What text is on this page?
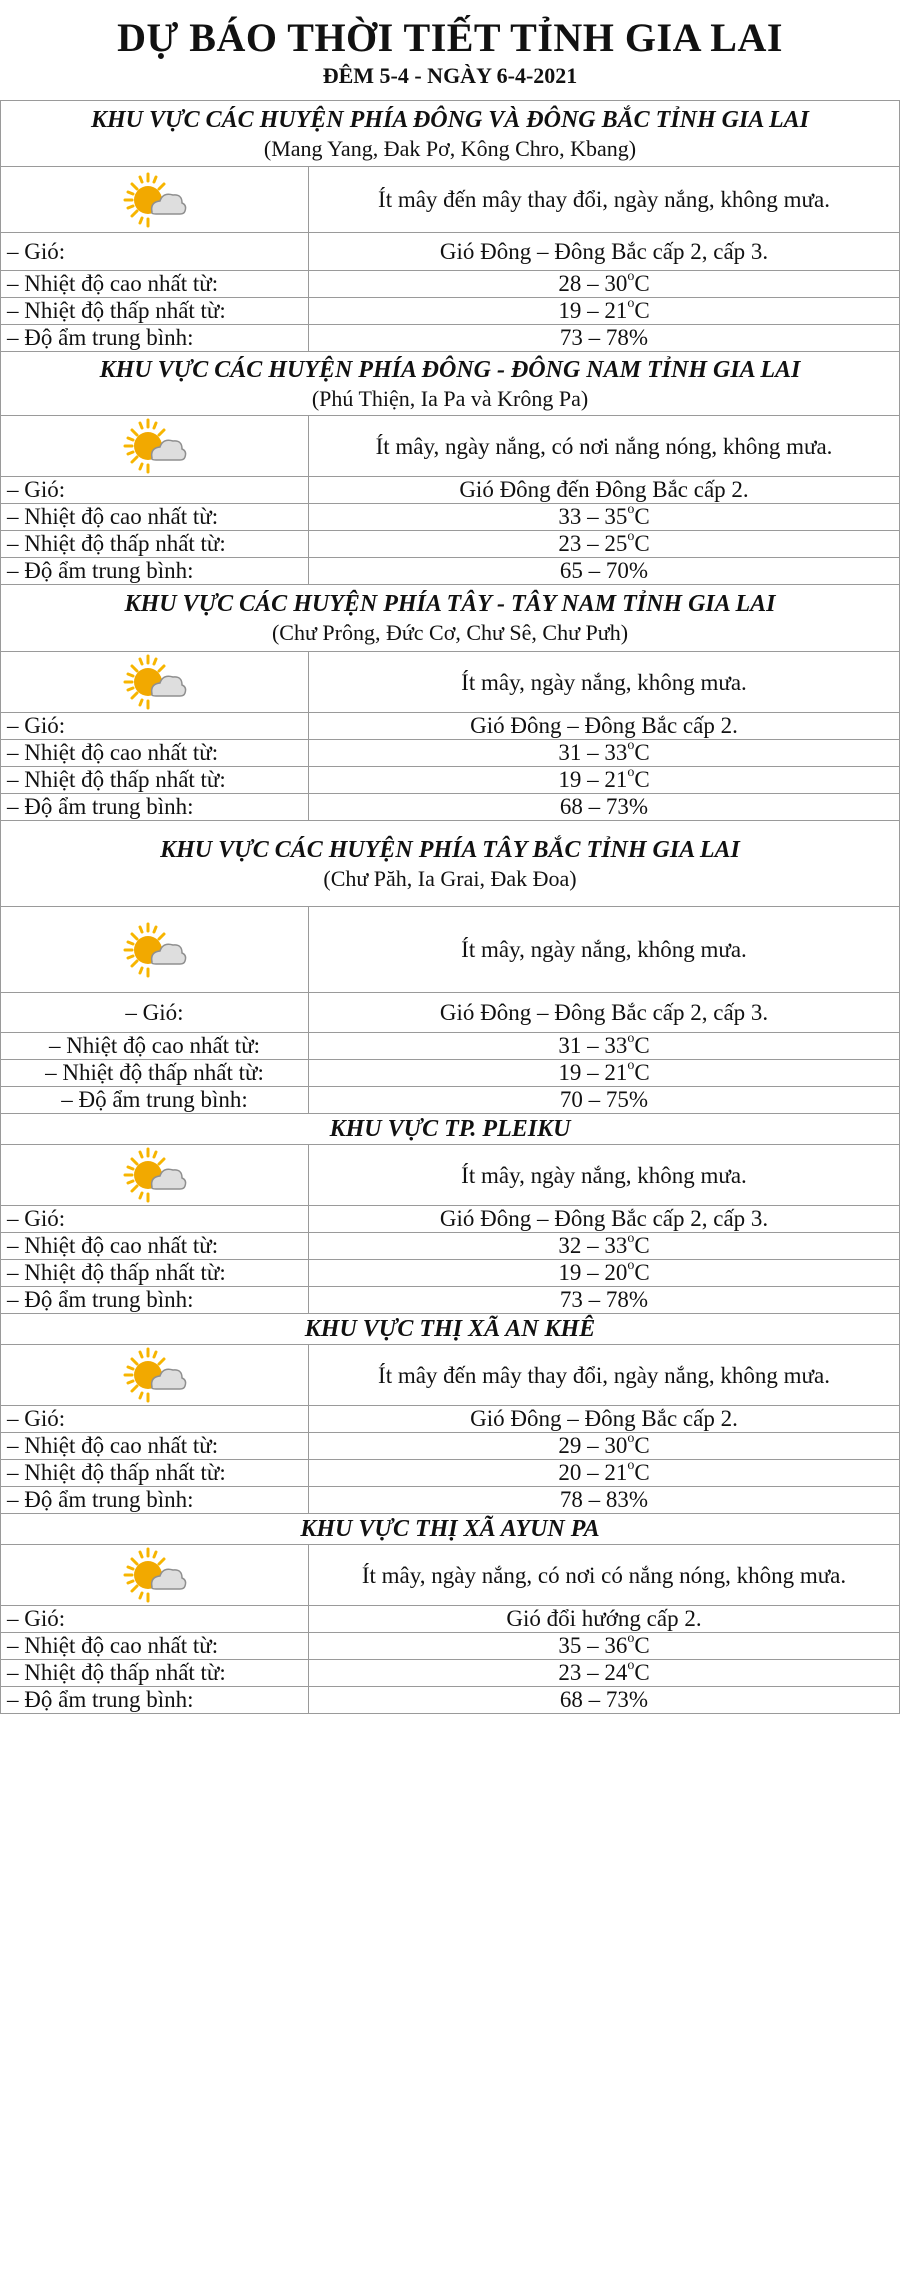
DỰ BÁO THỜI TIẾT TỈNH GIA LAI
ĐÊM 5-4 - NGÀY 6-4-2021
KHU VỰC CÁC HUYỆN PHÍA ĐÔNG VÀ ĐÔNG BẮC TỈNH GIA LAI
(Mang Yang, Đak Pơ, Kông Chro, Kbang)	

	Ít mây đến mây thay đổi, ngày nắng, không mưa.
– Gió:	Gió Đông – Đông Bắc cấp 2, cấp 3.
– Nhiệt độ cao nhất từ:	28 – 30$^o$C
– Nhiệt độ thấp nhất từ:	19 – 21$^o$C
– Độ ẩm trung bình:	73 – 78%

KHU VỰC CÁC HUYỆN PHÍA ĐÔNG - ĐÔNG NAM TỈNH GIA LAI
(Phú Thiện, Ia Pa và Krông Pa)	

	Ít mây, ngày nắng, có nơi nắng nóng, không mưa.
– Gió:	Gió Đông đến Đông Bắc cấp 2.
– Nhiệt độ cao nhất từ:	33 – 35$^o$C
– Nhiệt độ thấp nhất từ:	23 – 25$^o$C
– Độ ẩm trung bình:	65 – 70%

KHU VỰC CÁC HUYỆN PHÍA TÂY - TÂY NAM TỈNH GIA LAI
(Chư Prông, Đức Cơ, Chư Sê, Chư Pưh)	

	Ít mây, ngày nắng, không mưa.
– Gió:	Gió Đông – Đông Bắc cấp 2.
– Nhiệt độ cao nhất từ:	31 – 33$^o$C
– Nhiệt độ thấp nhất từ:	19 – 21$^o$C
– Độ ẩm trung bình:	68 – 73%

KHU VỰC CÁC HUYỆN PHÍA TÂY BẮC TỈNH GIA LAI
(Chư Păh, Ia Grai, Đak Đoa)	

	Ít mây, ngày nắng, không mưa.
– Gió:	Gió Đông – Đông Bắc cấp 2, cấp 3.
– Nhiệt độ cao nhất từ:	31 – 33$^o$C
– Nhiệt độ thấp nhất từ:	19 – 21$^o$C
– Độ ẩm trung bình:	70 – 75%

KHU VỰC TP. PLEIKU	

	Ít mây, ngày nắng, không mưa.
– Gió:	Gió Đông – Đông Bắc cấp 2, cấp 3.
– Nhiệt độ cao nhất từ:	32 – 33$^o$C
– Nhiệt độ thấp nhất từ:	19 – 20$^o$C
– Độ ẩm trung bình:	73 – 78%

KHU VỰC THỊ XÃ AN KHÊ	

	Ít mây đến mây thay đổi, ngày nắng, không mưa.
– Gió:	Gió Đông – Đông Bắc cấp 2.
– Nhiệt độ cao nhất từ:	29 – 30$^o$C
– Nhiệt độ thấp nhất từ:	20 – 21$^o$C
– Độ ẩm trung bình:	78 – 83%

KHU VỰC THỊ XÃ AYUN PA	

	Ít mây, ngày nắng, có nơi có nắng nóng, không mưa.
– Gió:	Gió đổi hướng cấp 2.
– Nhiệt độ cao nhất từ:	35 – 36$^o$C
– Nhiệt độ thấp nhất từ:	23 – 24$^o$C
– Độ ẩm trung bình:	68 – 73%
